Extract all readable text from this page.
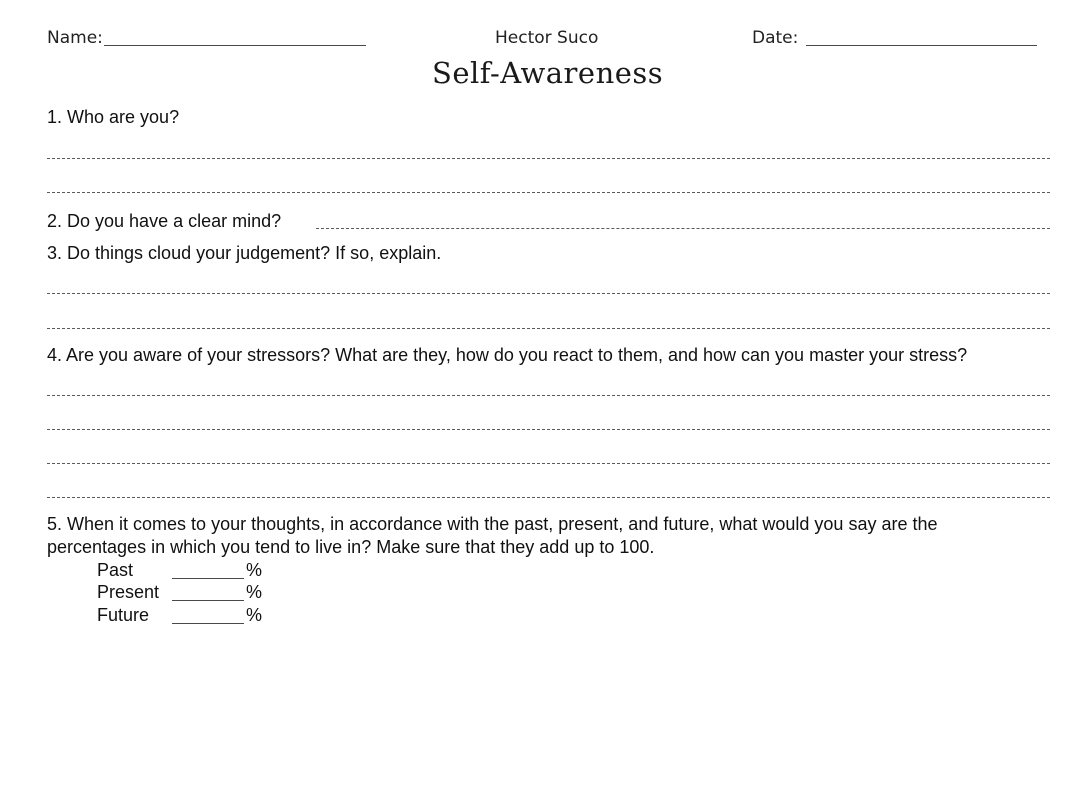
Name:	Hector Suco	Date:
Self-Awareness
1. Who are you?
2. Do you have a clear mind?
3. Do things cloud your judgement? If so, explain.
4. Are you aware of your stressors? What are they, how do you react to them, and how can you master your stress?
5. When it comes to your thoughts, in accordance with the past, present, and future, what would you say are the percentages in which you tend to live in? Make sure that they add up to 100.
Past	%
Present	%
Future	%
